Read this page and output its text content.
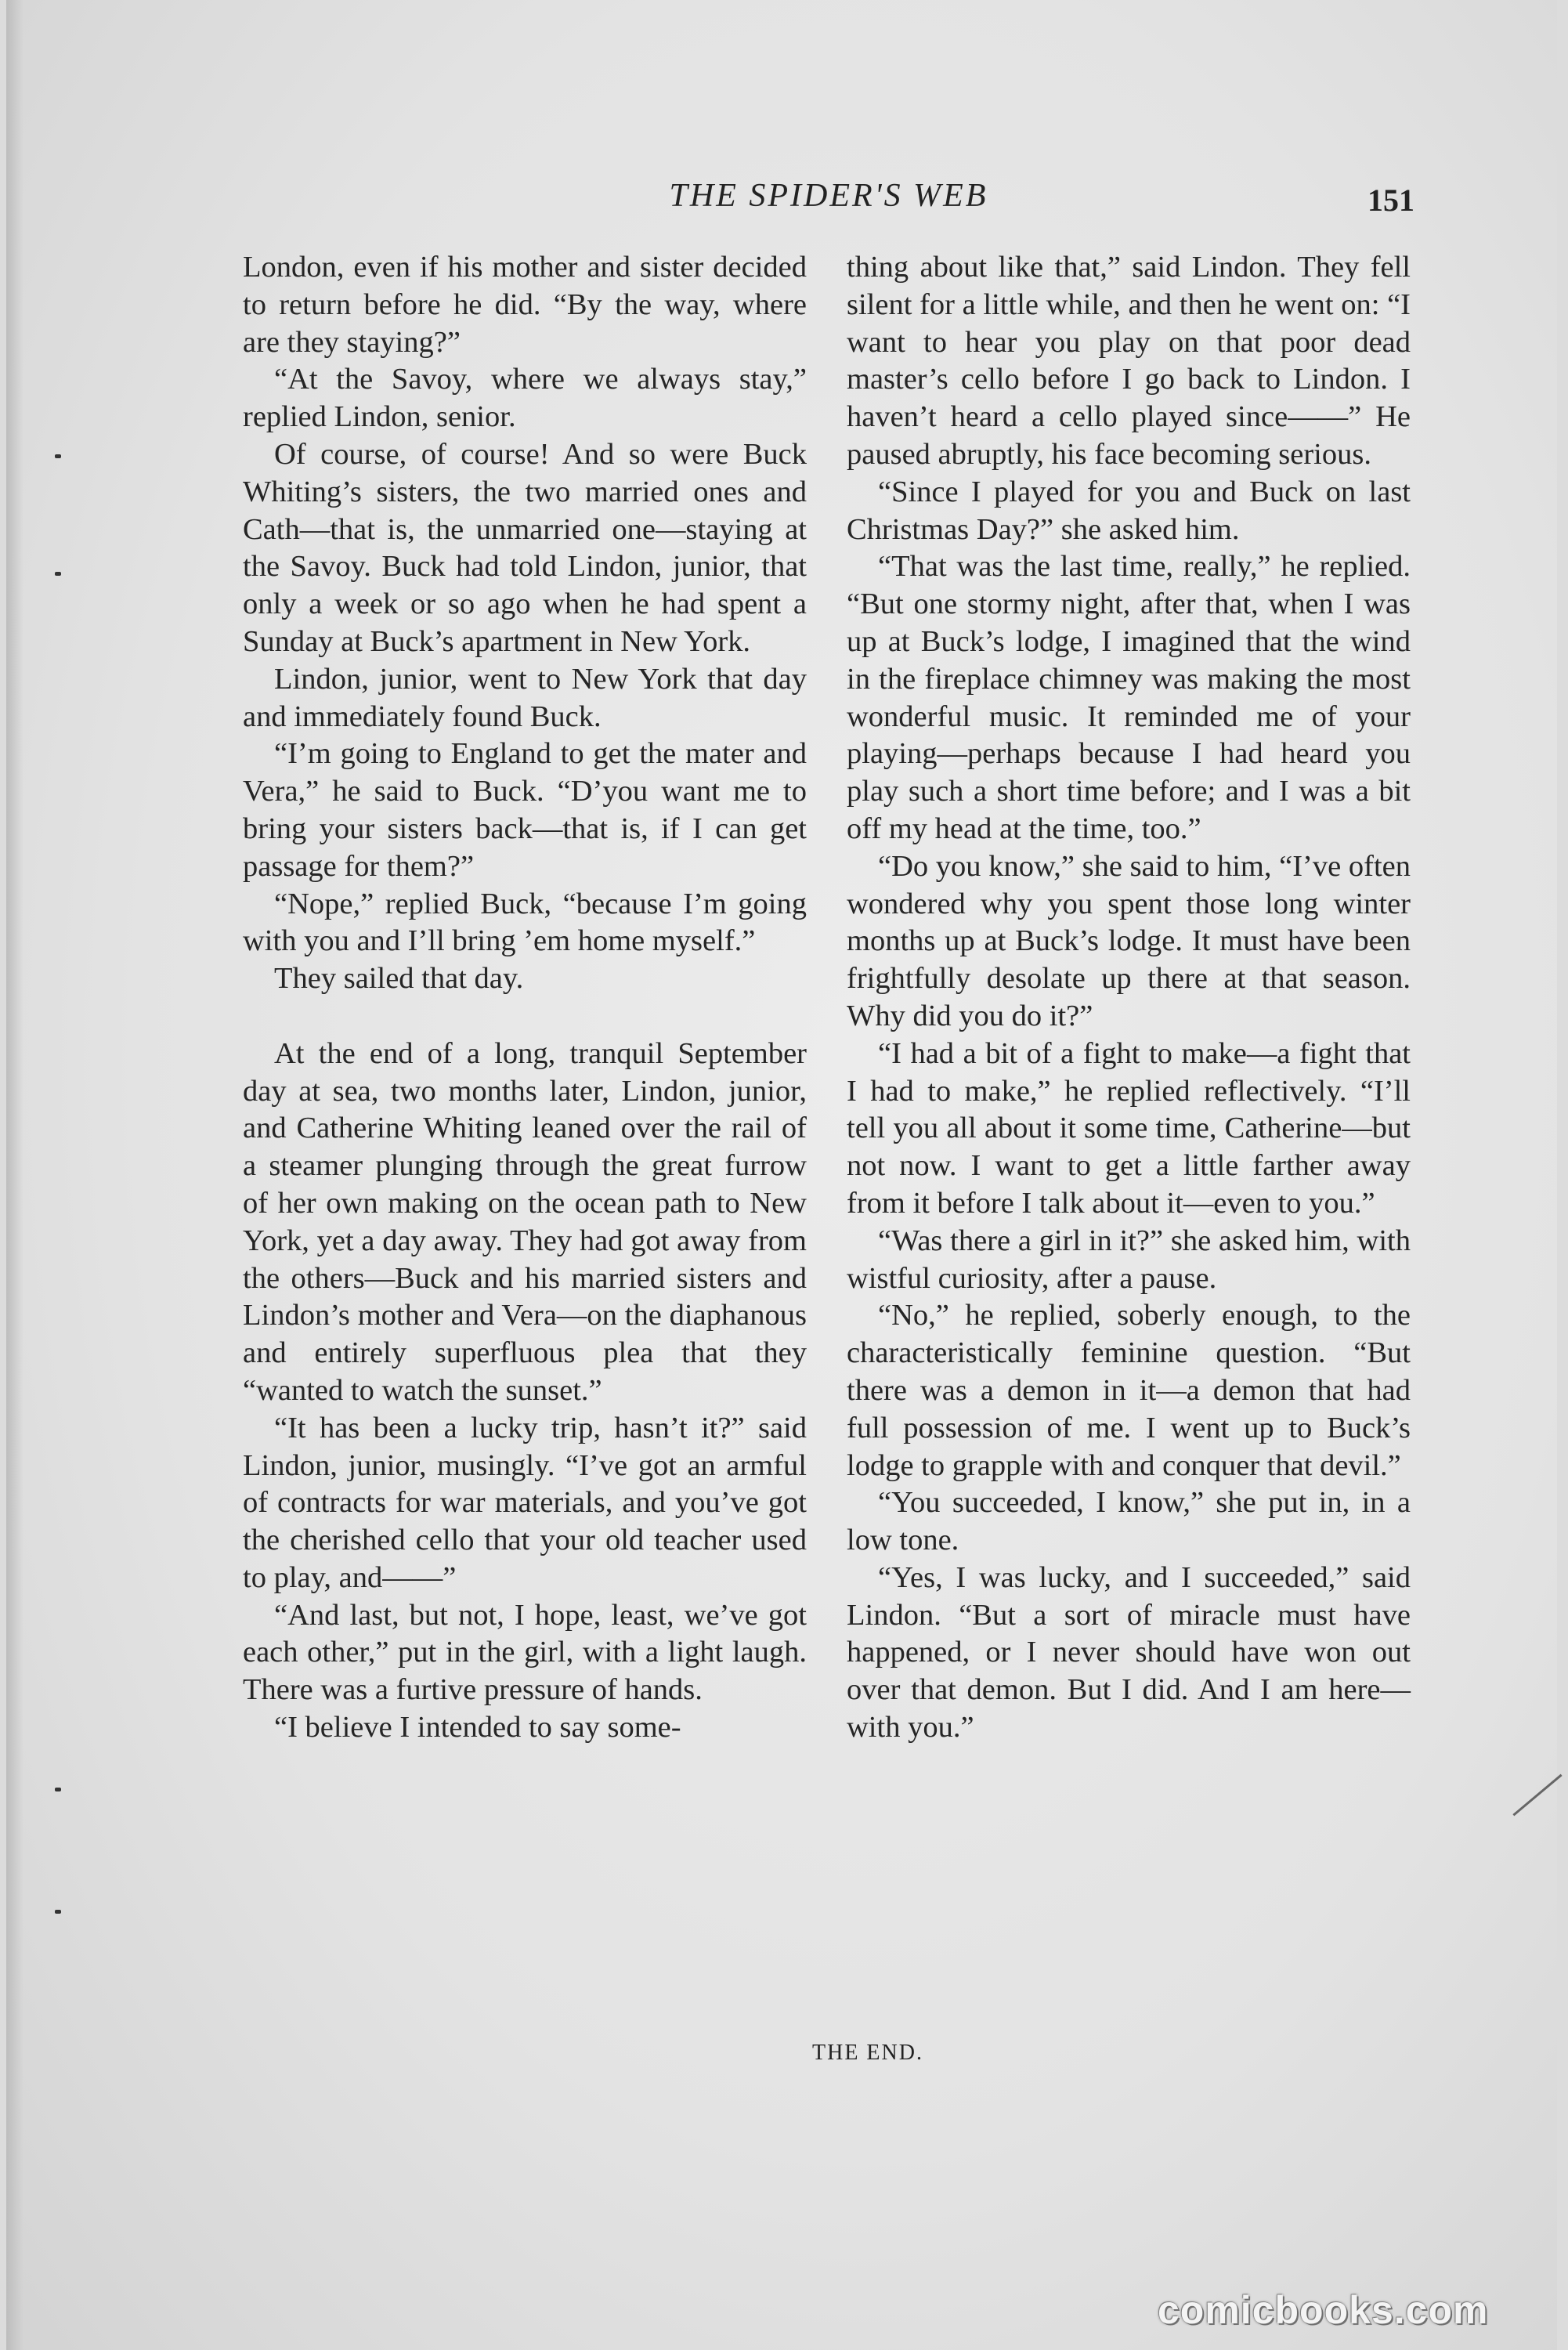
THE SPIDER'S WEB	151

London, even if his mother and sister decided to return before he did. “By the way, where are they staying?”

“At the Savoy, where we always stay,” replied Lindon, senior.

Of course, of course! And so were Buck Whiting’s sisters, the two married ones and Cath—that is, the unmarried one—staying at the Savoy. Buck had told Lindon, junior, that only a week or so ago when he had spent a Sunday at Buck’s apartment in New York.

Lindon, junior, went to New York that day and immediately found Buck.

“I’m going to England to get the mater and Vera,” he said to Buck. “D’you want me to bring your sisters back—that is, if I can get passage for them?”

“Nope,” replied Buck, “because I’m going with you and I’ll bring ’em home myself.”

They sailed that day.

At the end of a long, tranquil September day at sea, two months later, Lindon, junior, and Catherine Whiting leaned over the rail of a steamer plunging through the great furrow of her own making on the ocean path to New York, yet a day away. They had got away from the others—Buck and his married sisters and Lindon’s mother and Vera—on the diaphanous and entirely superfluous plea that they “wanted to watch the sunset.”

“It has been a lucky trip, hasn’t it?” said Lindon, junior, musingly. “I’ve got an armful of contracts for war materials, and you’ve got the cherished cello that your old teacher used to play, and——”

“And last, but not, I hope, least, we’ve got each other,” put in the girl, with a light laugh. There was a furtive pressure of hands.

“I believe I intended to say some-

thing about like that,” said Lindon. They fell silent for a little while, and then he went on: “I want to hear you play on that poor dead master’s cello before I go back to Lindon. I haven’t heard a cello played since——” He paused abruptly, his face becoming serious.

“Since I played for you and Buck on last Christmas Day?” she asked him.

“That was the last time, really,” he replied. “But one stormy night, after that, when I was up at Buck’s lodge, I imagined that the wind in the fireplace chimney was making the most wonderful music. It reminded me of your playing—perhaps because I had heard you play such a short time before; and I was a bit off my head at the time, too.”

“Do you know,” she said to him, “I’ve often wondered why you spent those long winter months up at Buck’s lodge. It must have been frightfully desolate up there at that season. Why did you do it?”

“I had a bit of a fight to make—a fight that I had to make,” he replied reflectively. “I’ll tell you all about it some time, Catherine—but not now. I want to get a little farther away from it before I talk about it—even to you.”

“Was there a girl in it?” she asked him, with wistful curiosity, after a pause.

“No,” he replied, soberly enough, to the characteristically feminine question. “But there was a demon in it—a demon that had full possession of me. I went up to Buck’s lodge to grapple with and conquer that devil.”

“You succeeded, I know,” she put in, in a low tone.

“Yes, I was lucky, and I succeeded,” said Lindon. “But a sort of miracle must have happened, or I never should have won out over that demon. But I did. And I am here—with you.”

THE END.
comicbooks.com
